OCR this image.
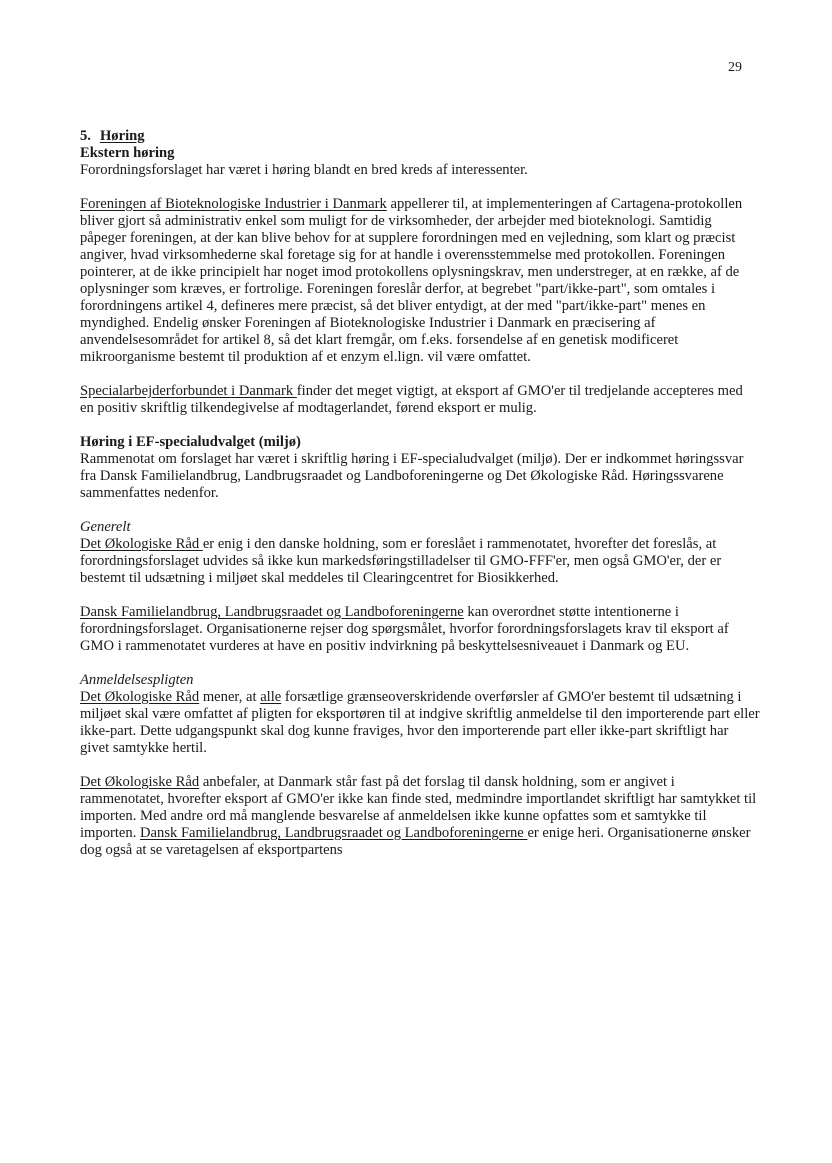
29

5. Høring

Ekstern høring

Forordningsforslaget har været i høring blandt en bred kreds af interessenter.

Foreningen af Bioteknologiske Industrier i Danmark appellerer til, at implementeringen af Cartagena-protokollen bliver gjort så administrativ enkel som muligt for de virksomheder, der arbejder med bioteknologi. Samtidig påpeger foreningen, at der kan blive behov for at supplere forordningen med en vejledning, som klart og præcist angiver, hvad virksomhederne skal foretage sig for at handle i overensstemmelse med protokollen. Foreningen pointerer, at de ikke principielt har noget imod protokollens oplysningskrav, men understreger, at en række, af de oplysninger som kræves, er fortrolige. Foreningen foreslår derfor, at begrebet "part/ikke-part", som omtales i forordningens artikel 4, defineres mere præcist, så det bliver entydigt, at der med "part/ikke-part" menes en myndighed. Endelig ønsker Foreningen af Bioteknologiske Industrier i Danmark en præcisering af anvendelsesområdet for artikel 8, så det klart fremgår, om f.eks. forsendelse af en genetisk modificeret mikroorganisme bestemt til produktion af et enzym el.lign. vil være omfattet.

Specialarbejderforbundet i Danmark finder det meget vigtigt, at eksport af GMO'er til tredjelande accepteres med en positiv skriftlig tilkendegivelse af modtagerlandet, førend eksport er mulig.

Høring i EF-specialudvalget (miljø)

Rammenotat om forslaget har været i skriftlig høring i EF-specialudvalget (miljø). Der er indkommet høringssvar fra Dansk Familielandbrug, Landbrugsraadet og Landboforeningerne og Det Økologiske Råd. Høringssvarene sammenfattes nedenfor.

Generelt

Det Økologiske Råd er enig i den danske holdning, som er foreslået i rammenotatet, hvorefter det foreslås, at forordningsforslaget udvides så ikke kun markedsføringstilladelser til GMO-FFF'er, men også GMO'er, der er bestemt til udsætning i miljøet skal meddeles til Clearingcentret for Biosikkerhed.

Dansk Familielandbrug, Landbrugsraadet og Landboforeningerne kan overordnet støtte intentionerne i forordningsforslaget. Organisationerne rejser dog spørgsmålet, hvorfor forordningsforslagets krav til eksport af GMO i rammenotatet vurderes at have en positiv indvirkning på beskyttelsesniveauet i Danmark og EU.

Anmeldelsespligten

Det Økologiske Råd mener, at alle forsætlige grænseoverskridende overførsler af GMO'er bestemt til udsætning i miljøet skal være omfattet af pligten for eksportøren til at indgive skriftlig anmeldelse til den importerende part eller ikke-part. Dette udgangspunkt skal dog kunne fraviges, hvor den importerende part eller ikke-part skriftligt har givet samtykke hertil.

Det Økologiske Råd anbefaler, at Danmark står fast på det forslag til dansk holdning, som er angivet i rammenotatet, hvorefter eksport af GMO'er ikke kan finde sted, medmindre importlandet skriftligt har samtykket til importen. Med andre ord må manglende besvarelse af anmeldelsen ikke kunne opfattes som et samtykke til importen. Dansk Familielandbrug, Landbrugsraadet og Landboforeningerne er enige heri. Organisationerne ønsker dog også at se varetagelsen af eksportpartens
